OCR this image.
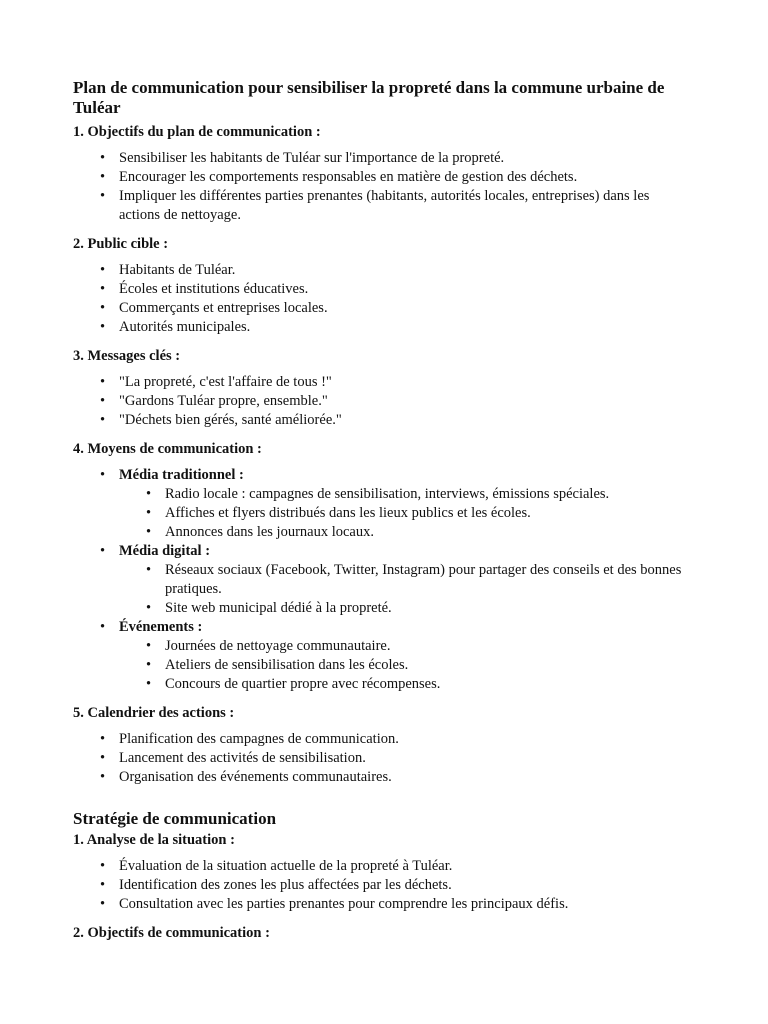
Plan de communication pour sensibiliser la propreté dans la commune urbaine de Tuléar
1. Objectifs du plan de communication :
• Sensibiliser les habitants de Tuléar sur l'importance de la propreté.
• Encourager les comportements responsables en matière de gestion des déchets.
• Impliquer les différentes parties prenantes (habitants, autorités locales, entreprises) dans les actions de nettoyage.
2. Public cible :
• Habitants de Tuléar.
• Écoles et institutions éducatives.
• Commerçants et entreprises locales.
• Autorités municipales.
3. Messages clés :
• "La propreté, c'est l'affaire de tous !"
• "Gardons Tuléar propre, ensemble."
• "Déchets bien gérés, santé améliorée."
4. Moyens de communication :
• Média traditionnel :
• Radio locale : campagnes de sensibilisation, interviews, émissions spéciales.
• Affiches et flyers distribués dans les lieux publics et les écoles.
• Annonces dans les journaux locaux.
• Média digital :
• Réseaux sociaux (Facebook, Twitter, Instagram) pour partager des conseils et des bonnes pratiques.
• Site web municipal dédié à la propreté.
• Événements :
• Journées de nettoyage communautaire.
• Ateliers de sensibilisation dans les écoles.
• Concours de quartier propre avec récompenses.
5. Calendrier des actions :
• Planification des campagnes de communication.
• Lancement des activités de sensibilisation.
• Organisation des événements communautaires.
Stratégie de communication
1. Analyse de la situation :
• Évaluation de la situation actuelle de la propreté à Tuléar.
• Identification des zones les plus affectées par les déchets.
• Consultation avec les parties prenantes pour comprendre les principaux défis.
2. Objectifs de communication :
